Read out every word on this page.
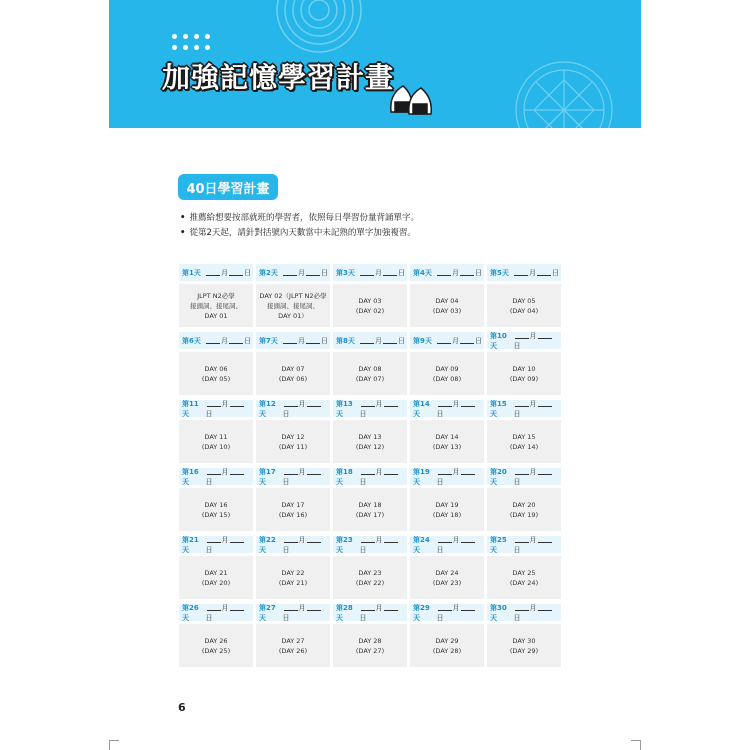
加強記憶學習計畫
40日學習計畫
• 推薦給想要按部就班的學習者，依照每日學習份量背誦單字。
• 從第2天起，請針對括號內天數當中未記熟的單字加強複習。
第1天	月 日
JLPT N2必學
接頭詞、接尾詞、
DAY 01
第2天	月 日
DAY 02（JLPT N2必學
接頭詞、接尾詞、
DAY 01）
第3天	月 日
DAY 03
(DAY 02)
第4天	月 日
DAY 04
(DAY 03)
第5天	月 日
DAY 05
(DAY 04)
第6天	月 日
DAY 06
(DAY 05)
第7天	月 日
DAY 07
(DAY 06)
第8天	月 日
DAY 08
(DAY 07)
第9天	月 日
DAY 09
(DAY 08)
第10天
月日
DAY 10
(DAY 09)
第11天
月日
DAY 11
(DAY 10)
第12天
月日
DAY 12
(DAY 11)
第13天
月日
DAY 13
(DAY 12)
第14天
月日
DAY 14
(DAY 13)
第15天
月日
DAY 15
(DAY 14)
第16天
月日
DAY 16
(DAY 15)
第17天
月日
DAY 17
(DAY 16)
第18天
月日
DAY 18
(DAY 17)
第19天
月日
DAY 19
(DAY 18)
第20天
月日
DAY 20
(DAY 19)
第21天
月日
DAY 21
(DAY 20)
第22天
月日
DAY 22
(DAY 21)
第23天
月日
DAY 23
(DAY 22)
第24天
月日
DAY 24
(DAY 23)
第25天
月日
DAY 25
(DAY 24)
第26天
月日
DAY 26
(DAY 25)
第27天
月日
DAY 27
(DAY 26)
第28天
月日
DAY 28
(DAY 27)
第29天
月日
DAY 29
(DAY 28)
第30天
月日
DAY 30
(DAY 29)
6
